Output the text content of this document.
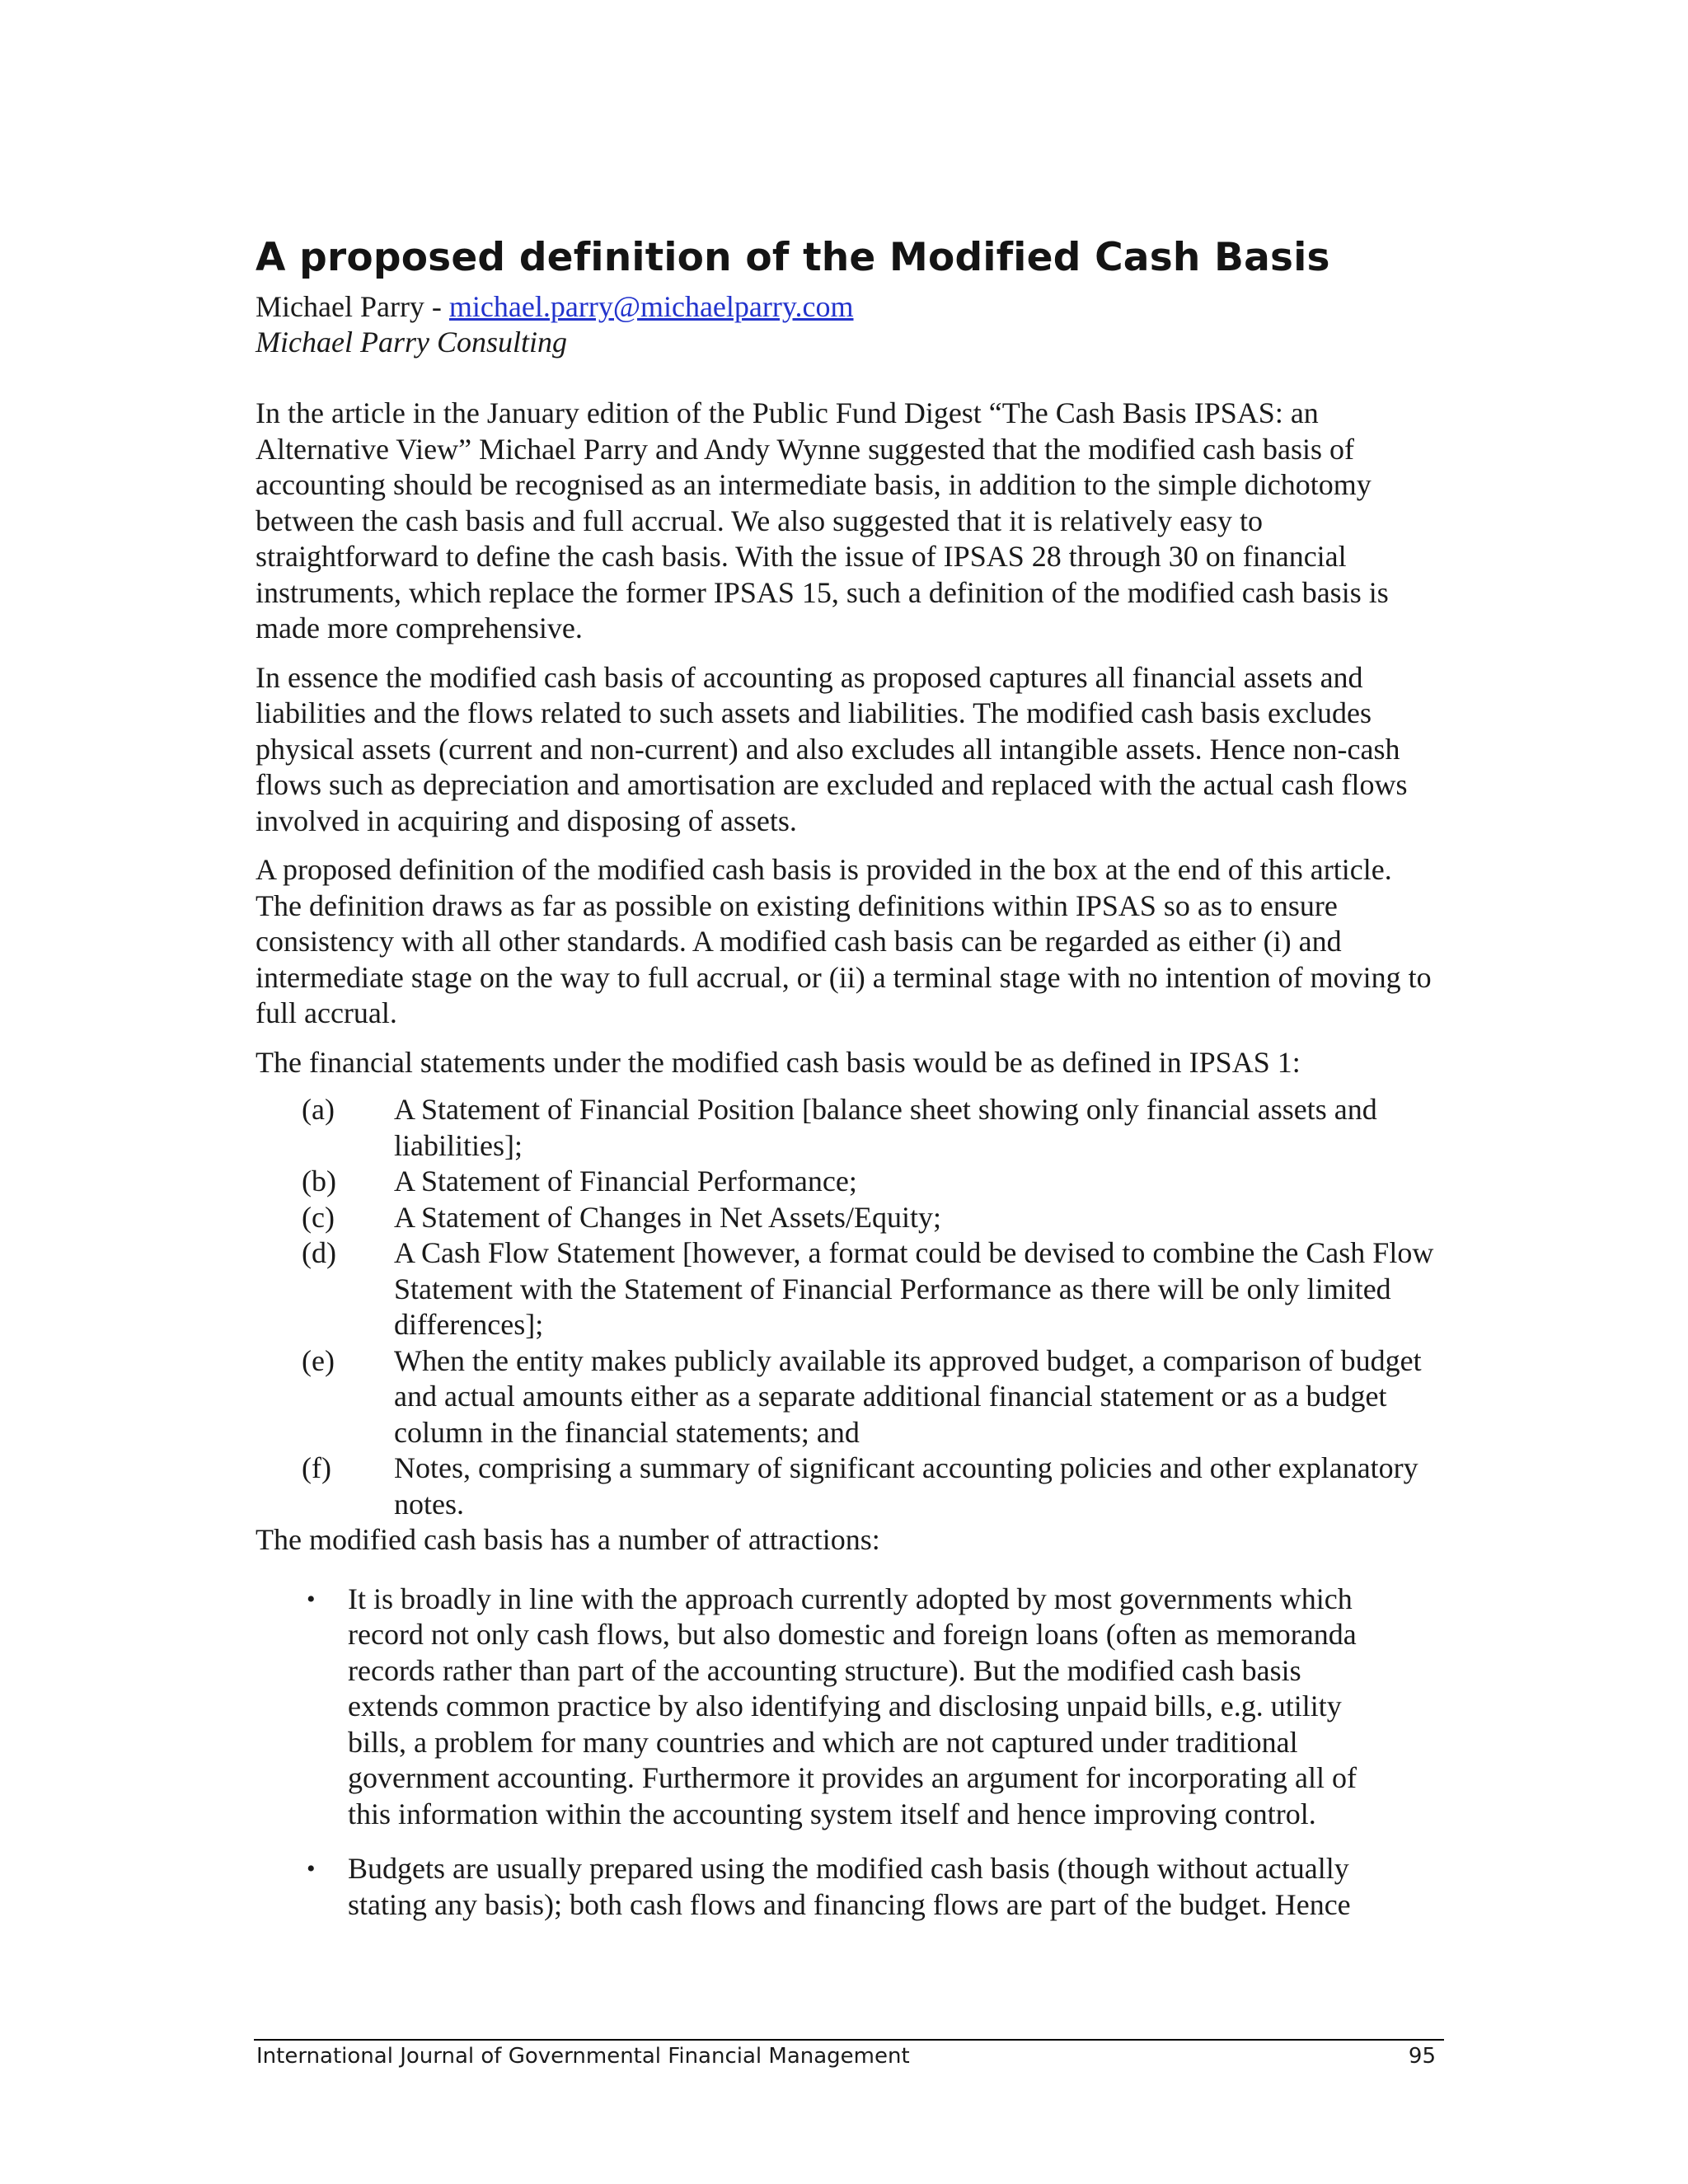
A proposed definition of the Modified Cash Basis
Michael Parry - michael.parry@michaelparry.com
Michael Parry Consulting

In the article in the January edition of the Public Fund Digest “The Cash Basis IPSAS: an Alternative View” Michael Parry and Andy Wynne suggested that the modified cash basis of accounting should be recognised as an intermediate basis, in addition to the simple dichotomy between the cash basis and full accrual. We also suggested that it is relatively easy to straightforward to define the cash basis. With the issue of IPSAS 28 through 30 on financial instruments, which replace the former IPSAS 15, such a definition of the modified cash basis is made more comprehensive.

In essence the modified cash basis of accounting as proposed captures all financial assets and liabilities and the flows related to such assets and liabilities. The modified cash basis excludes physical assets (current and non-current) and also excludes all intangible assets. Hence non-cash flows such as depreciation and amortisation are excluded and replaced with the actual cash flows involved in acquiring and disposing of assets.

A proposed definition of the modified cash basis is provided in the box at the end of this article. The definition draws as far as possible on existing definitions within IPSAS so as to ensure consistency with all other standards. A modified cash basis can be regarded as either (i) and intermediate stage on the way to full accrual, or (ii) a terminal stage with no intention of moving to full accrual.

The financial statements under the modified cash basis would be as defined in IPSAS 1:

(a)	A Statement of Financial Position [balance sheet showing only financial assets and liabilities];
(b)	A Statement of Financial Performance;
(c)	A Statement of Changes in Net Assets/Equity;
(d)	A Cash Flow Statement [however, a format could be devised to combine the Cash Flow Statement with the Statement of Financial Performance as there will be only limited differences];
(e)	When the entity makes publicly available its approved budget, a comparison of budget and actual amounts either as a separate additional financial statement or as a budget column in the financial statements; and
(f)	Notes, comprising a summary of significant accounting policies and other explanatory notes.

The modified cash basis has a number of attractions:

•	It is broadly in line with the approach currently adopted by most governments which record not only cash flows, but also domestic and foreign loans (often as memoranda records rather than part of the accounting structure). But the modified cash basis extends common practice by also identifying and disclosing unpaid bills, e.g. utility bills, a problem for many countries and which are not captured under traditional government accounting. Furthermore it provides an argument for incorporating all of this information within the accounting system itself and hence improving control.
•	Budgets are usually prepared using the modified cash basis (though without actually stating any basis); both cash flows and financing flows are part of the budget. Hence
International Journal of Governmental Financial Management	95
